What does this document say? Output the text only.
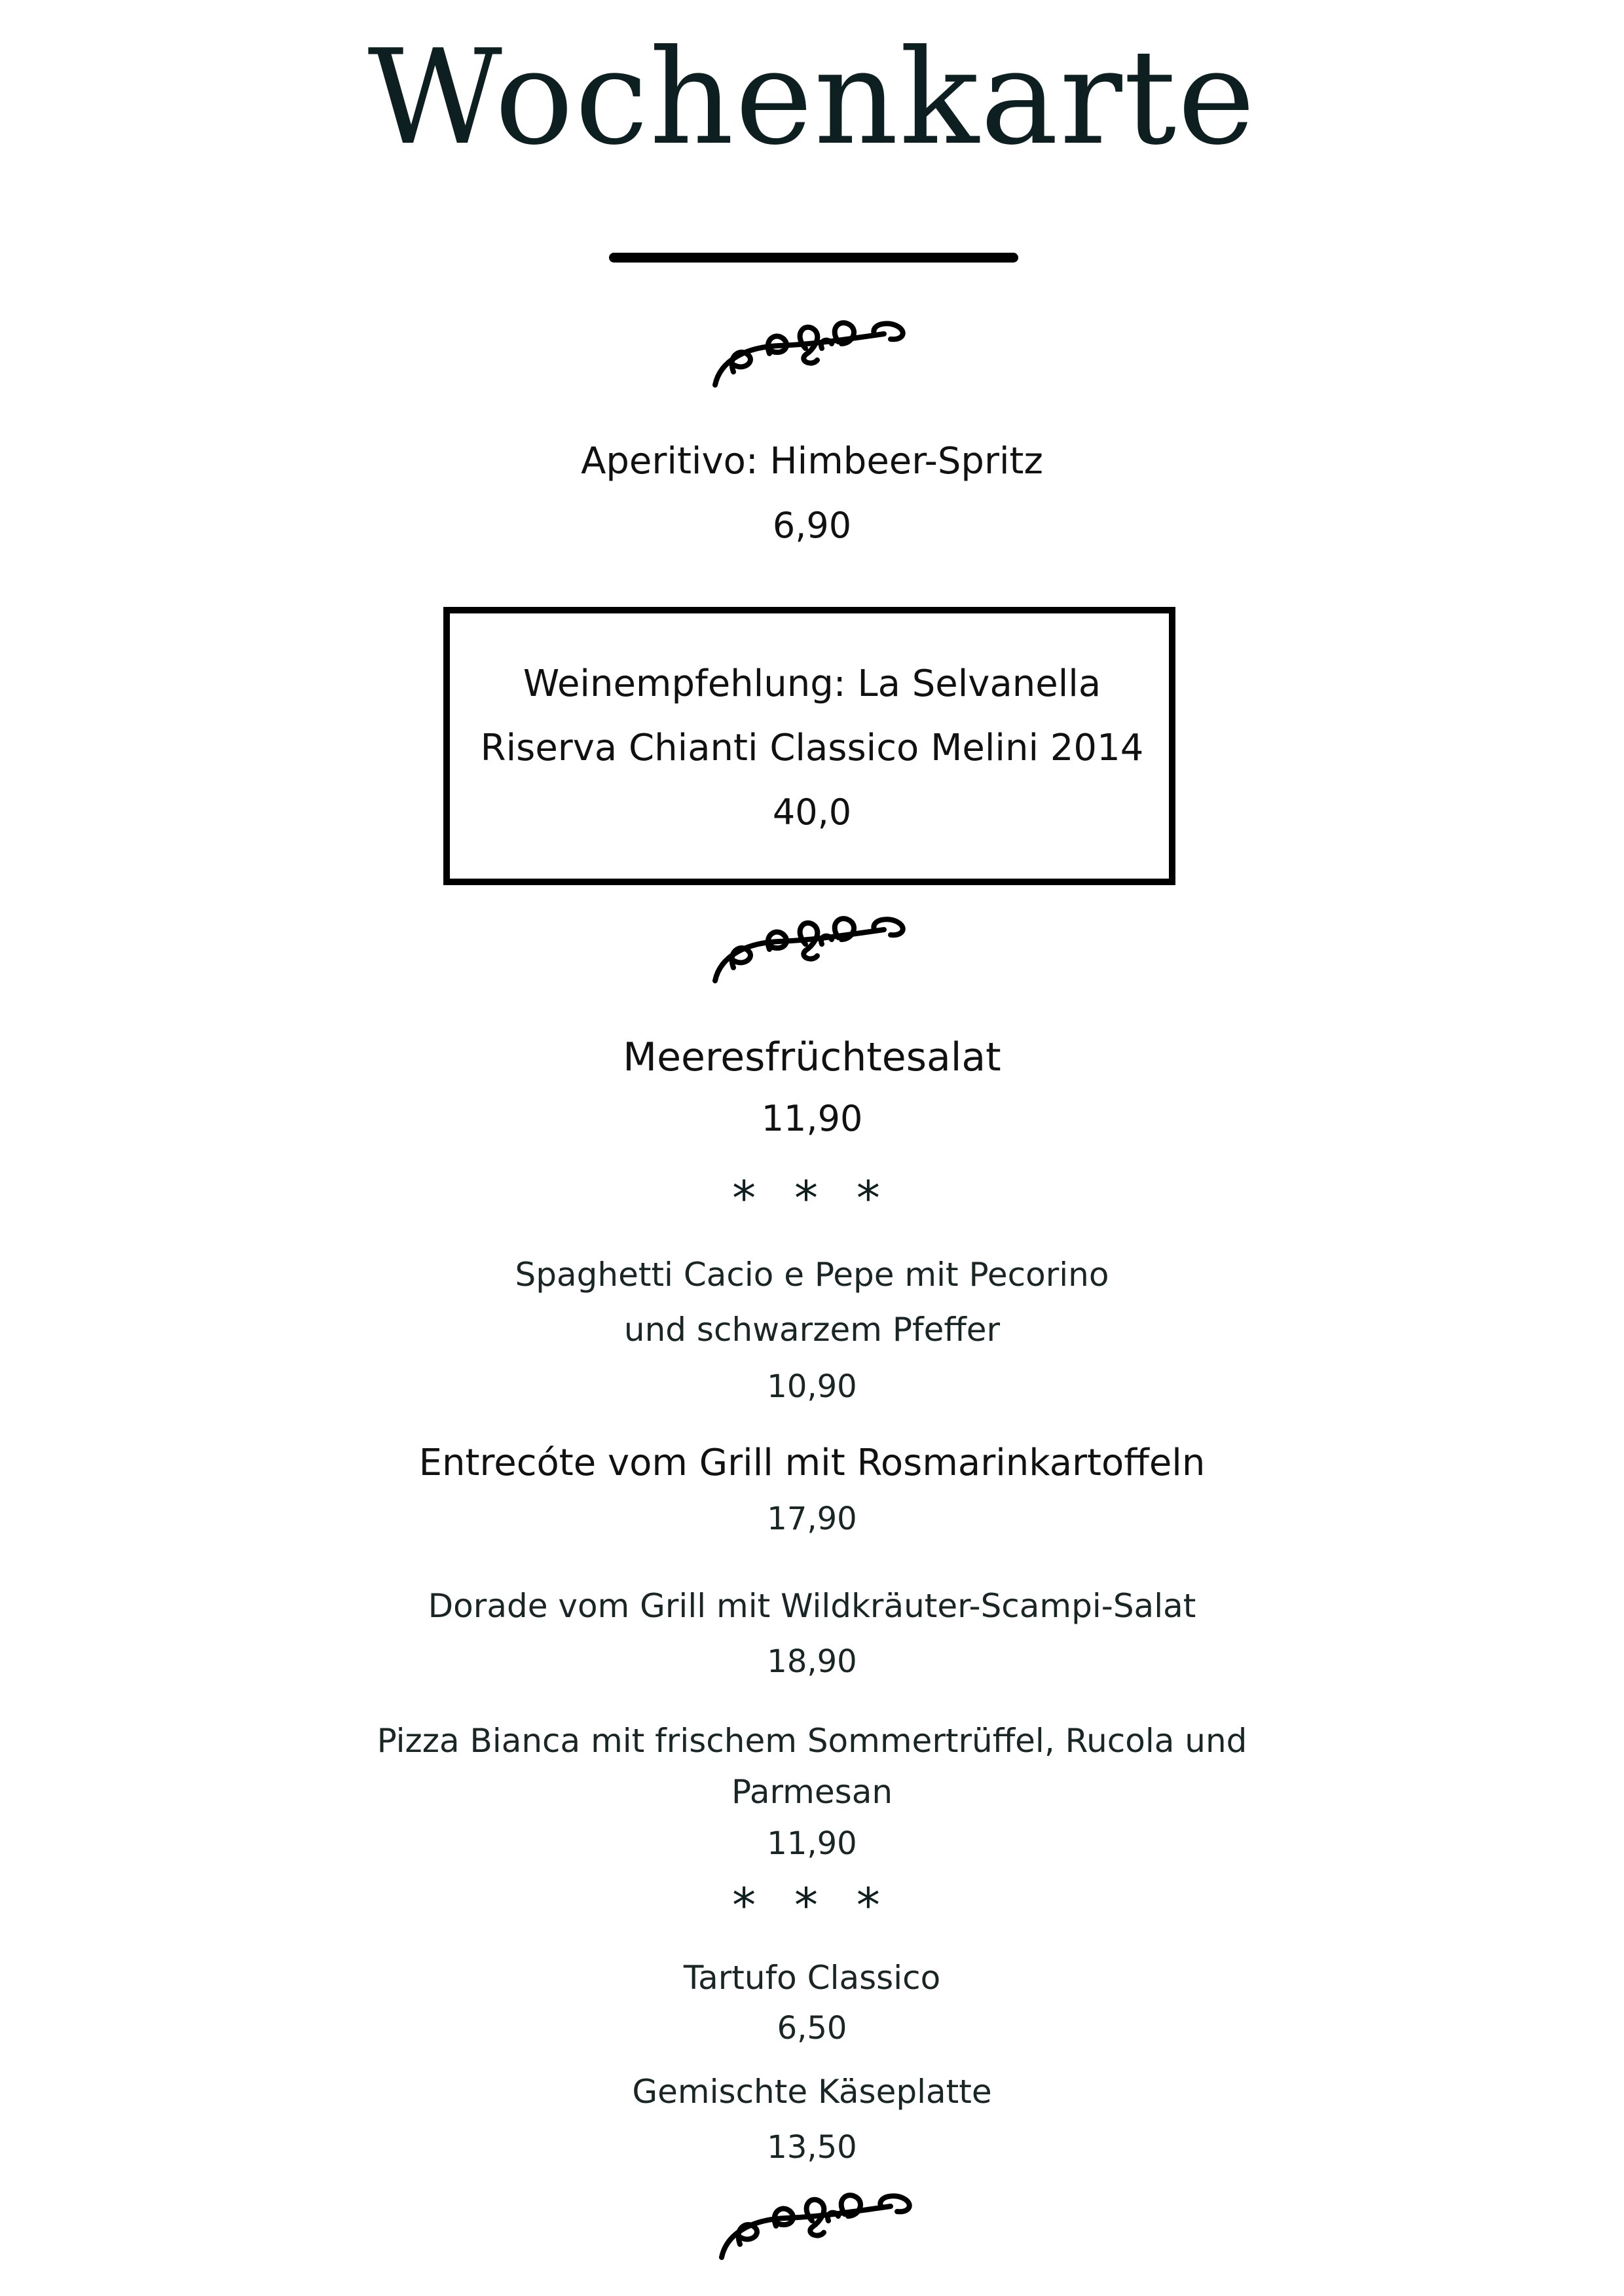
Wochenkarte
Aperitivo: Himbeer-Spritz
6,90
Weinempfehlung: La Selvanella
Riserva Chianti Classico Melini 2014
40,0
Meeresfrüchtesalat
11,90
* * *
Spaghetti Cacio e Pepe mit Pecorino
und schwarzem Pfeffer
10,90
Entrecóte vom Grill mit Rosmarinkartoffeln
17,90
Dorade vom Grill mit Wildkräuter-Scampi-Salat
18,90
Pizza Bianca mit frischem Sommertrüffel, Rucola und
Parmesan
11,90
* * *
Tartufo Classico
6,50
Gemischte Käseplatte
13,50
